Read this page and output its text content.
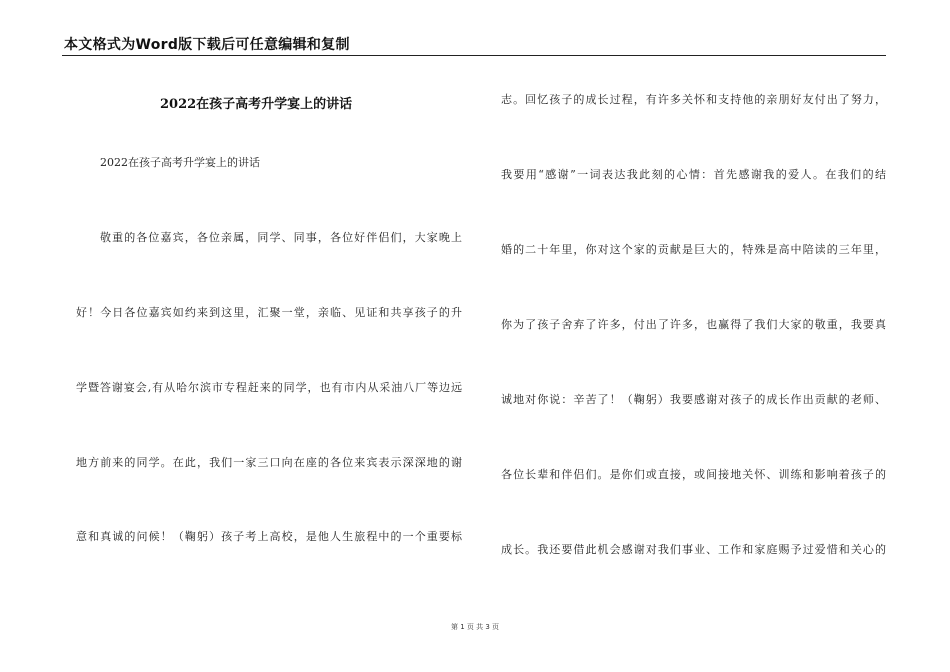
本文格式为Word版下载后可任意编辑和复制
2022在孩子高考升学宴上的讲话
2022在孩子高考升学宴上的讲话
敬重的各位嘉宾，各位亲属，同学、同事，各位好伴侣们，大家晚上
好！今日各位嘉宾如约来到这里，汇聚一堂，亲临、见证和共享孩子的升
学暨答谢宴会,有从哈尔滨市专程赶来的同学，也有市内从采油八厂等边远
地方前来的同学。在此，我们一家三口向在座的各位来宾表示深深地的谢
意和真诚的问候！（鞠躬）孩子考上高校，是他人生旅程中的一个重要标
志。回忆孩子的成长过程，有许多关怀和支持他的亲朋好友付出了努力，
我要用“感谢”一词表达我此刻的心情：首先感谢我的爱人。在我们的结
婚的二十年里，你对这个家的贡献是巨大的，特殊是高中陪读的三年里，
你为了孩子舍弃了许多，付出了许多，也赢得了我们大家的敬重，我要真
诚地对你说：辛苦了！（鞠躬）我要感谢对孩子的成长作出贡献的老师、
各位长辈和伴侣们。是你们或直接，或间接地关怀、训练和影响着孩子的
成长。我还要借此机会感谢对我们事业、工作和家庭赐予过爱惜和关心的
第 1 页 共 3 页
